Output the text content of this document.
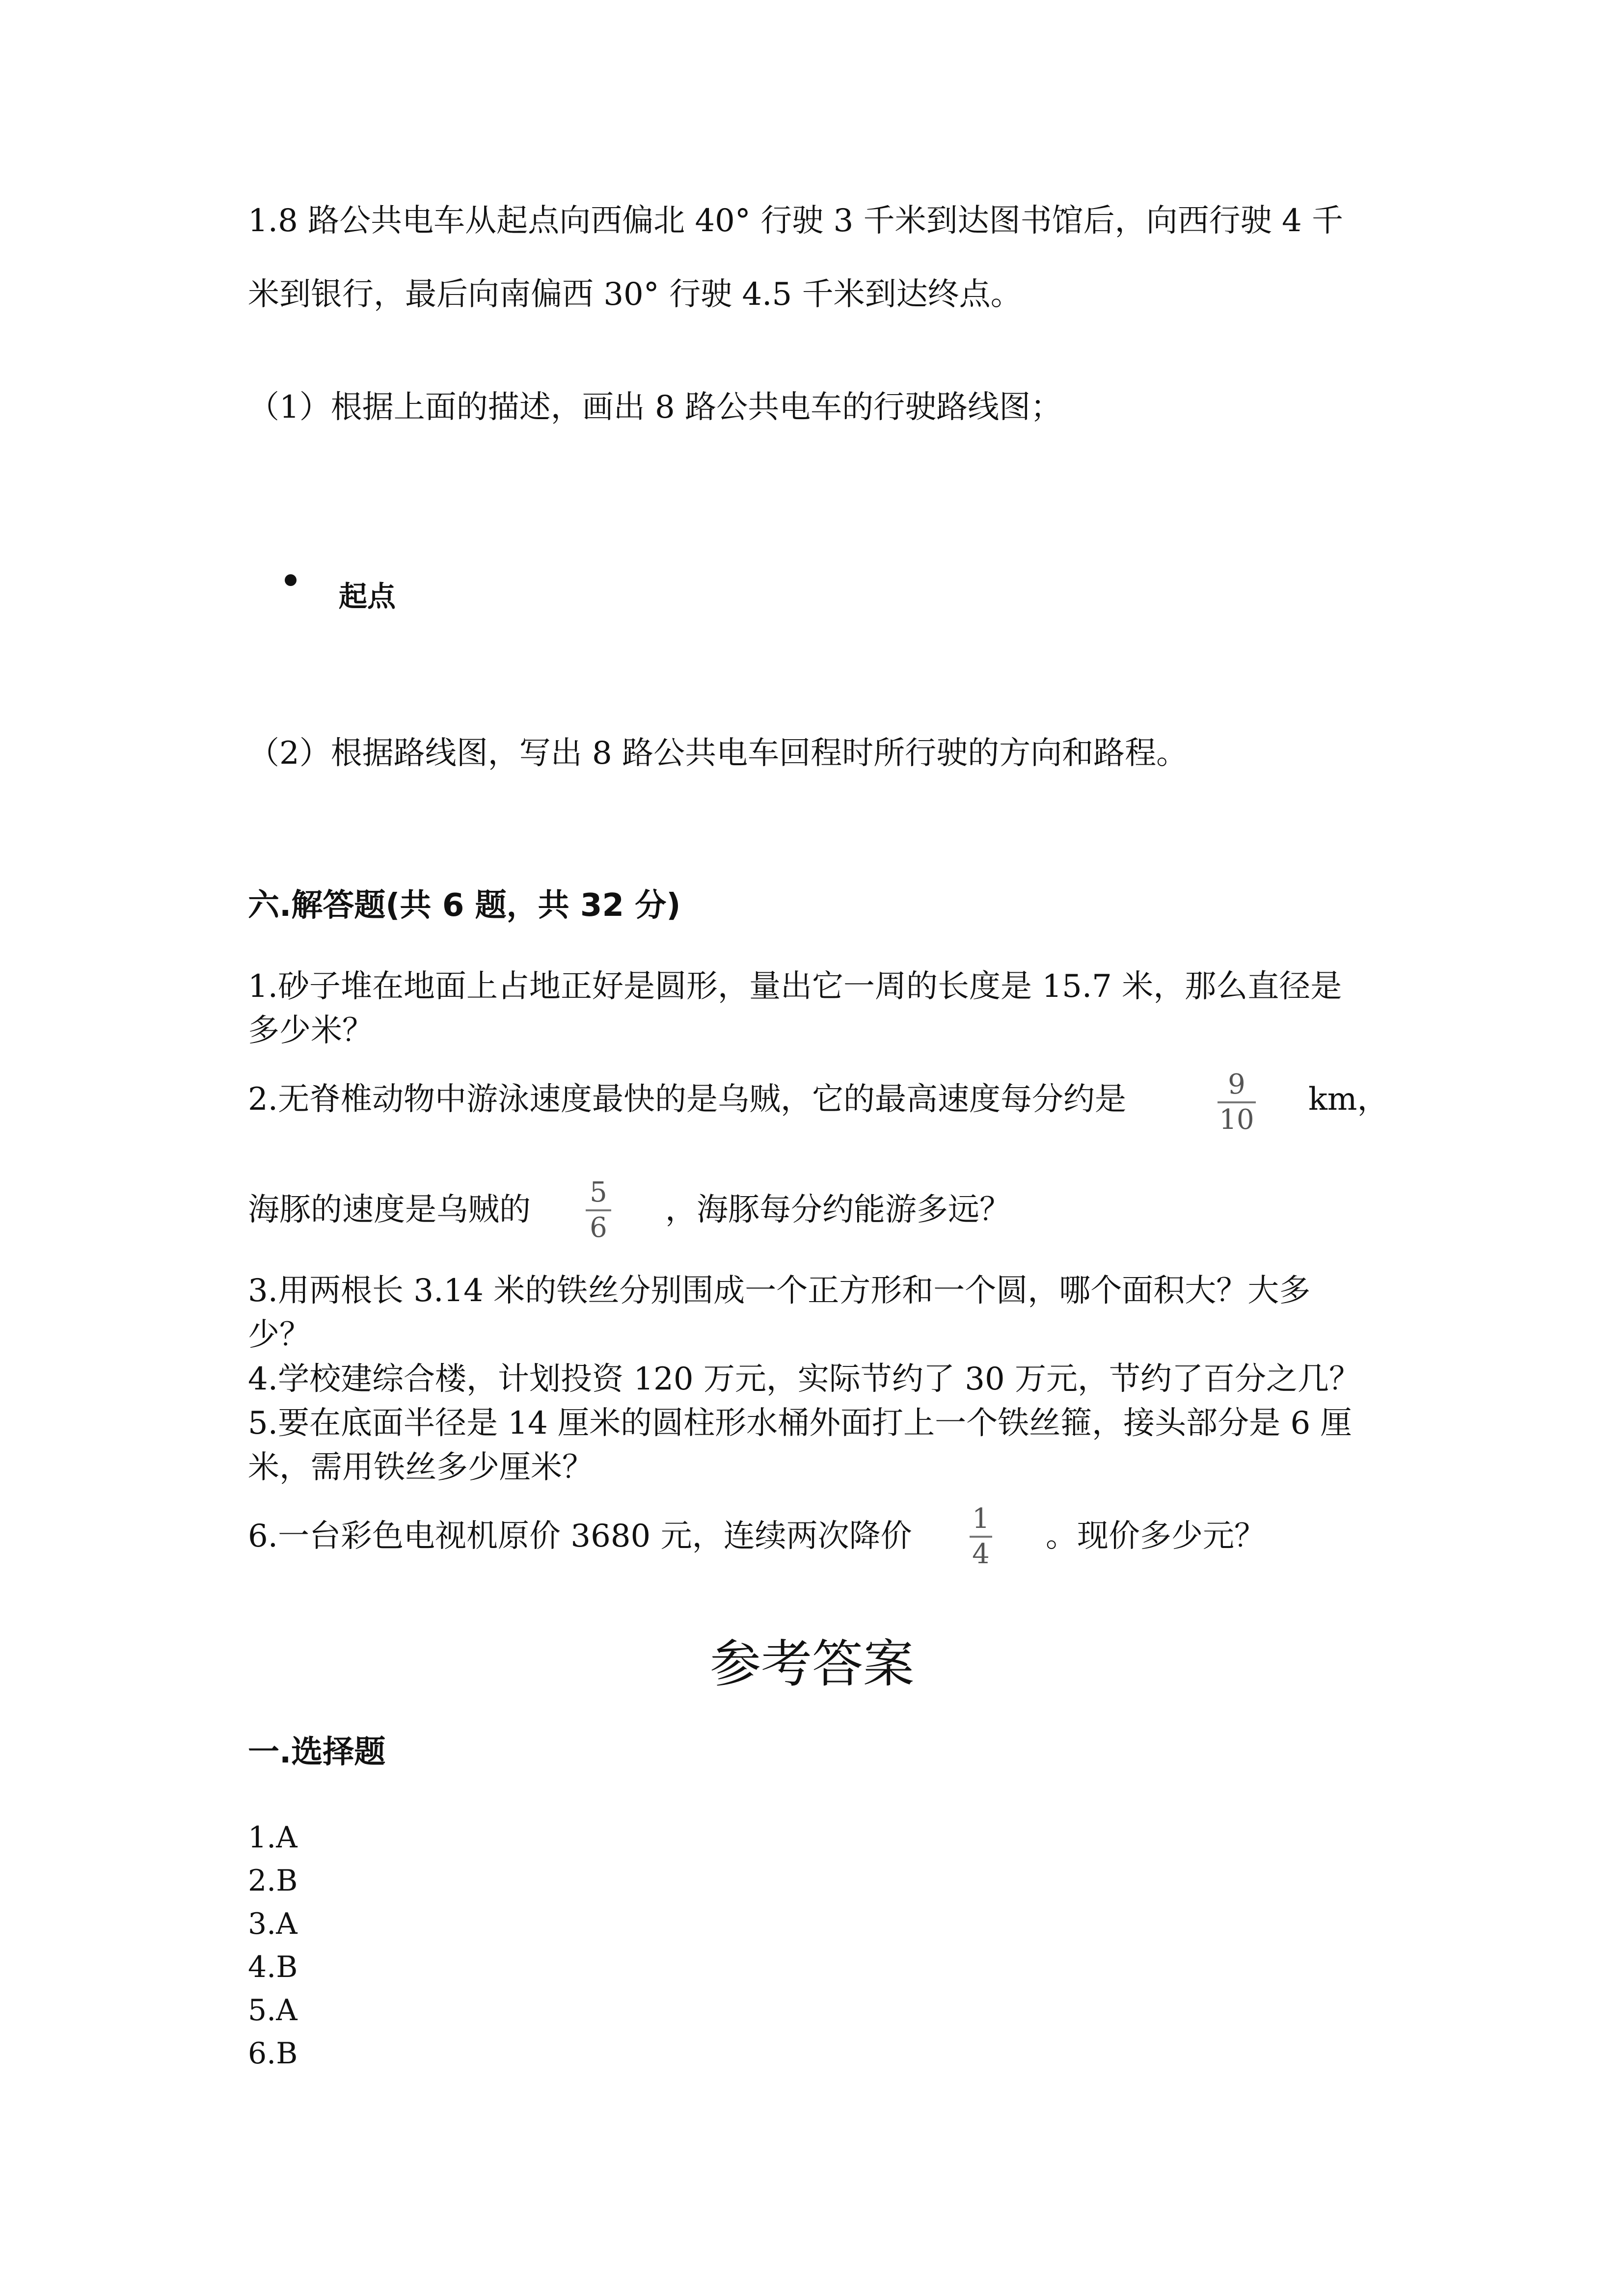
1.8 路公共电车从起点向西偏北 40° 行驶 3 千米到达图书馆后，向西行驶 4 千
米到银行，最后向南偏西 30° 行驶 4.5 千米到达终点。
（1）根据上面的描述，画出 8 路公共电车的行驶路线图；
起点
（2）根据路线图，写出 8 路公共电车回程时所行驶的方向和路程。
六.解答题(共 6 题，共 32 分)
1.砂子堆在地面上占地正好是圆形，量出它一周的长度是 15.7 米，那么直径是
多少米？
2.无脊椎动物中游泳速度最快的是乌贼，它的最高速度每分约是	9
10
km，
海豚的速度是乌贼的 5
6 ，海豚每分约能游多远？
3.用两根长 3.14 米的铁丝分别围成一个正方形和一个圆，哪个面积大？大多
少？
4.学校建综合楼，计划投资 120 万元，实际节约了 30 万元，节约了百分之几？
5.要在底面半径是 14 厘米的圆柱形水桶外面打上一个铁丝箍，接头部分是 6 厘
米，需用铁丝多少厘米？
6.一台彩色电视机原价 3680 元，连续两次降价 1
4 。现价多少元？
参考答案
一.选择题
1.A
2.B
3.A
4.B
5.A
6.B
